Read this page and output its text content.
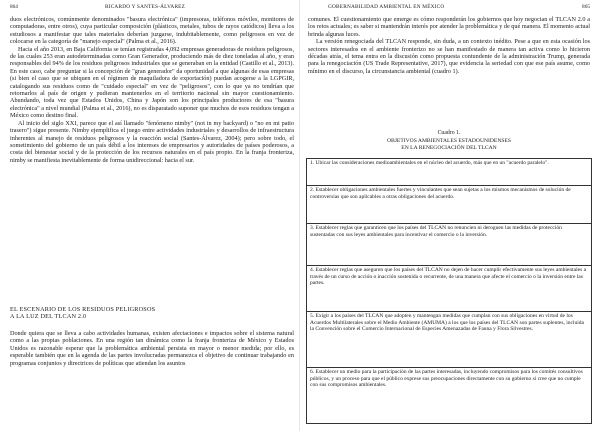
864	RICARDO Y SANTES-ÁLVAREZ

duos electrónicos, comúnmente denominados "basura electrónica" (impresoras, teléfonos móviles, monitores de computadoras, entre otros), cuya particular composición (plásticos, metales, tubos de rayos catódicos) lleva a los estudiosos a manifestar que tales materiales deberían juzgarse, indubitablemente, como peligrosos en vez de colocarse en la categoría de "manejo especial" (Palma et al., 2016).

Hacia el año 2013, en Baja California se tenían registradas 4,092 empresas generadoras de residuos peligrosos, de las cuales 253 eran autodeterminadas como Gran Generador, produciendo más de diez toneladas al año, y eran responsables del 94% de los residuos peligrosos industriales que se generaban en la entidad (Castillo et al., 2013). En este caso, cabe preguntar si la concepción de "gran generador" da oportunidad a que algunas de esas empresas (si bien el caso que se ubiquen en el régimen de maquiladora de exportación) puedan acogerse a la LGPGIR, catalogando sus residuos como de "cuidado especial" en vez de "peligrosos", con lo que ya no tendrían que retornarlos al país de origen y pudieran mantenerlos en el territorio nacional sin mayor cuestionamiento. Abundando, toda vez que Estados Unidos, China y Japón son los principales productores de esa "basura electrónica" a nivel mundial (Palma et al., 2016), no es disparatado suponer que muchos de esos residuos tengan a México como destino final.

Al inicio del siglo XXI, parece que el así llamado "fenómeno nimby" (not in my backyard) o "no en mi patio trasero") sigue presente. Nimby ejemplifica el juego entre actividades industriales y desarrollos de infraestructura inherentes al manejo de residuos peligrosos y la reacción social (Santes-Álvarez, 2004); pero sobre todo, el sometimiento del gobierno de un país débil a los intereses de empresarios y autoridades de países poderosos, a costa del bienestar social y de la protección de los recursos naturales en el país propio. En la franja fronteriza, nimby se manifiesta inevitablemente de forma unidireccional: hacia el sur.

EL ESCENARIO DE LOS RESIDUOS PELIGROSOS
A LA LUZ DEL TLCAN 2.0

Donde quiera que se lleva a cabo actividades humanas, existen afectaciones e impactos sobre el sistema natural como a las propias poblaciones. En una región tan dinámica como la franja fronteriza de México y Estados Unidos es razonable esperar que la problemática ambiental persista en mayor o menor medida; por ello, es esperable también que en la agenda de las partes involucradas permanezca el objetivo de continuar trabajando en programas conjuntos y directrices de políticas que atiendan los asuntos

GOBERNABILIDAD AMBIENTAL EN MÉXICO	865

comunes. El cuestionamiento que emerge es cómo responderán los gobiernos que hoy negocian el TLCAN 2.0 a los retos actuales; es saber si mantendrán interés por atender la problemática y de qué manera. El momento actual brinda algunas luces.

La versión renegociada del TLCAN responde, sin duda, a un contexto inédito. Pese a que en esta ocasión los sectores interesados en el ambiente fronterizo no se han manifestado de manera tan activa como lo hicieron décadas atrás, el tema entra en la discusión como propuesta contundente de la administración Trump, generada para la renegociación (US Trade Representative, 2017), que evidencia la seriedad con que ese país asume, como mínimo en el discurso, la circunstancia ambiental (cuadro 1).

Cuadro 1.
OBJETIVOS AMBIENTALES ESTADOUNIDENSES
EN LA RENEGOCIACIÓN DEL TLCAN
1. Ubicar las consideraciones medioambientales en el núcleo del acuerdo, más que en un "acuerdo paralelo".
2. Establecer obligaciones ambientales fuertes y vinculantes que sean sujetas a los mismos mecanismos de solución de controversias que son aplicables a otras obligaciones del acuerdo.
3. Establecer reglas que garanticen que los países del TLCAN no renuncien ni deroguen las medidas de protección sustentadas con sus leyes ambientales para incentivar el comercio o la inversión.
4. Establecer reglas que aseguren que los países del TLCAN no dejen de hacer cumplir efectivamente sus leyes ambientales a través de un curso de acción o inacción sostenida o recurrente, de una manera que afecte el comercio o la inversión entre las partes.
5. Exigir a los países del TLCAN que adopten y mantengan medidas que cumplan con sus obligaciones en virtud de los Acuerdos Multilaterales sobre el Medio Ambiente (AMUMA) a los que los países del TLCAN son partes suplentes, incluida la Convención sobre el Comercio Internacional de Especies Amenazadas de Fauna y Flora Silvestres.
6. Establecer un medio para la participación de las partes interesadas, incluyendo compromisos para los comités consultivos públicos, y un proceso para que el público exprese sus preocupaciones directamente con su gobierno si cree que no cumple con sus compromisos ambientales.
